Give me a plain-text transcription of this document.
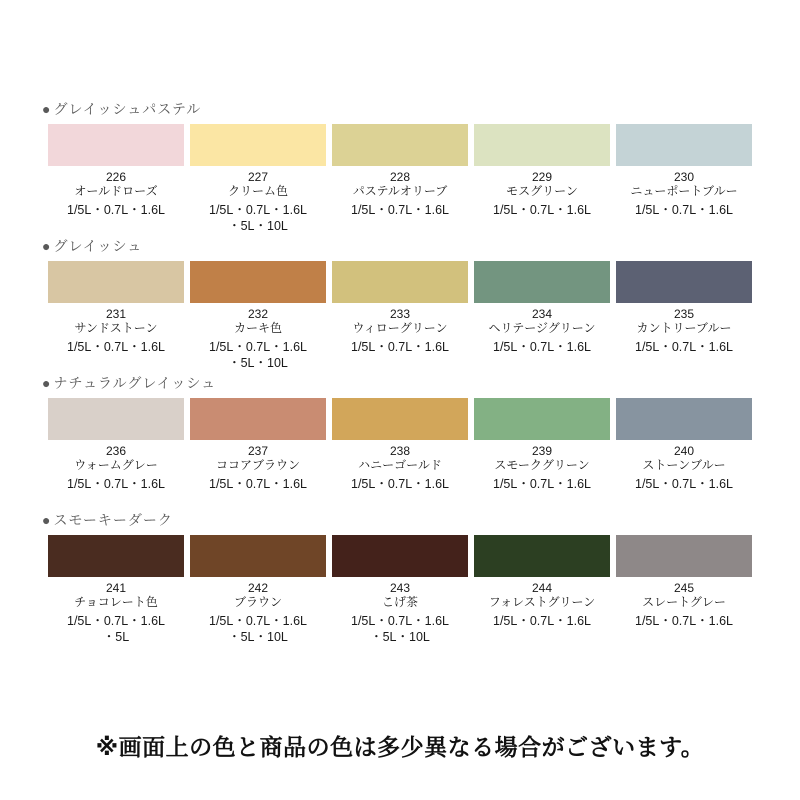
● グレイッシュパステル
226
オールドローズ
1/5L・0.7L・1.6L
227
クリーム色
1/5L・0.7L・1.6L
・5L・10L
228
パステルオリーブ
1/5L・0.7L・1.6L
229
モスグリーン
1/5L・0.7L・1.6L
230
ニューポートブルー
1/5L・0.7L・1.6L
● グレイッシュ
231
サンドストーン
1/5L・0.7L・1.6L
232
カーキ色
1/5L・0.7L・1.6L
・5L・10L
233
ウィローグリーン
1/5L・0.7L・1.6L
234
ヘリテージグリーン
1/5L・0.7L・1.6L
235
カントリーブルー
1/5L・0.7L・1.6L
● ナチュラルグレイッシュ
236
ウォームグレー
1/5L・0.7L・1.6L
237
ココアブラウン
1/5L・0.7L・1.6L
238
ハニーゴールド
1/5L・0.7L・1.6L
239
スモークグリーン
1/5L・0.7L・1.6L
240
ストーンブルー
1/5L・0.7L・1.6L
● スモーキーダーク
241
チョコレート色
1/5L・0.7L・1.6L
・5L
242
ブラウン
1/5L・0.7L・1.6L
・5L・10L
243
こげ茶
1/5L・0.7L・1.6L
・5L・10L
244
フォレストグリーン
1/5L・0.7L・1.6L
245
スレートグレー
1/5L・0.7L・1.6L
※画面上の色と商品の色は多少異なる場合がございます。
